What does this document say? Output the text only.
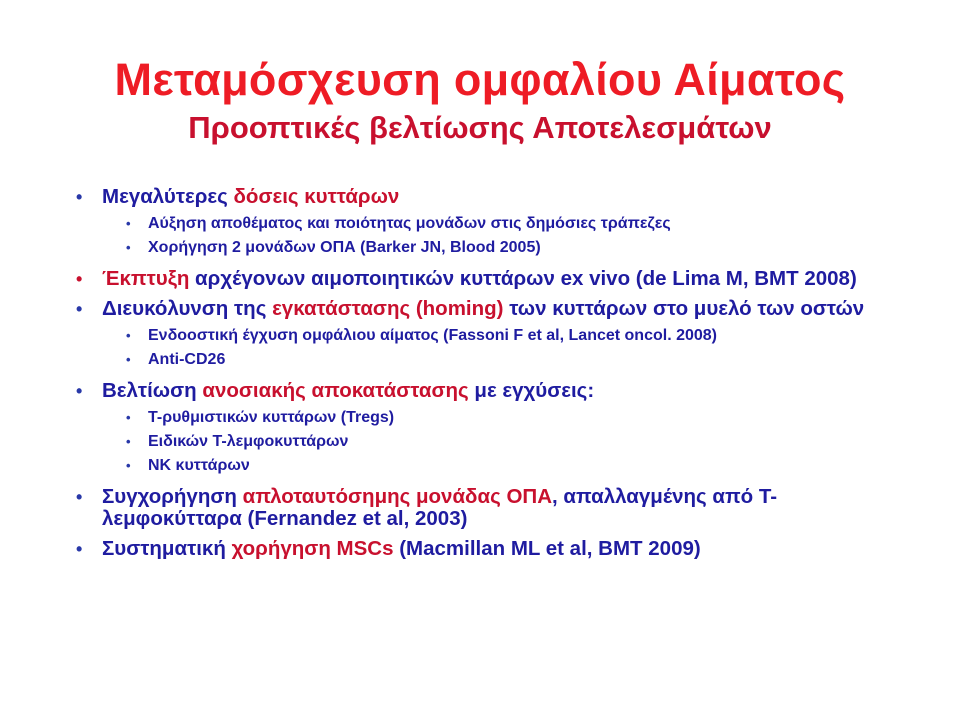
Μεταμόσχευση ομφαλίου Αίματος
Προοπτικές βελτίωσης Αποτελεσμάτων
• Μεγαλύτερες δόσεις κυττάρων
• Αύξηση αποθέματος και ποιότητας μονάδων στις δημόσιες τράπεζες
• Χορήγηση 2 μονάδων ΟΠΑ (Barker JN, Blood 2005)
• Έκπτυξη αρχέγονων αιμοποιητικών κυττάρων ex vivo (de Lima M, BMT 2008)
• Διευκόλυνση της εγκατάστασης (homing) των κυττάρων στο μυελό των οστών
• Ενδοοστική έγχυση ομφάλιου αίματος (Fassoni F et al, Lancet oncol. 2008)
• Anti-CD26
• Βελτίωση ανοσιακής αποκατάστασης με εγχύσεις:
• Τ-ρυθμιστικών κυττάρων (Tregs)
• Ειδικών Τ-λεμφοκυττάρων
• ΝΚ κυττάρων
• Συγχορήγηση απλοταυτόσημης μονάδας ΟΠΑ, απαλλαγμένης από Τ-λεμφοκύτταρα (Fernandez et al, 2003)
• Συστηματική χορήγηση MSCs (Macmillan ML et al, BMT 2009)
